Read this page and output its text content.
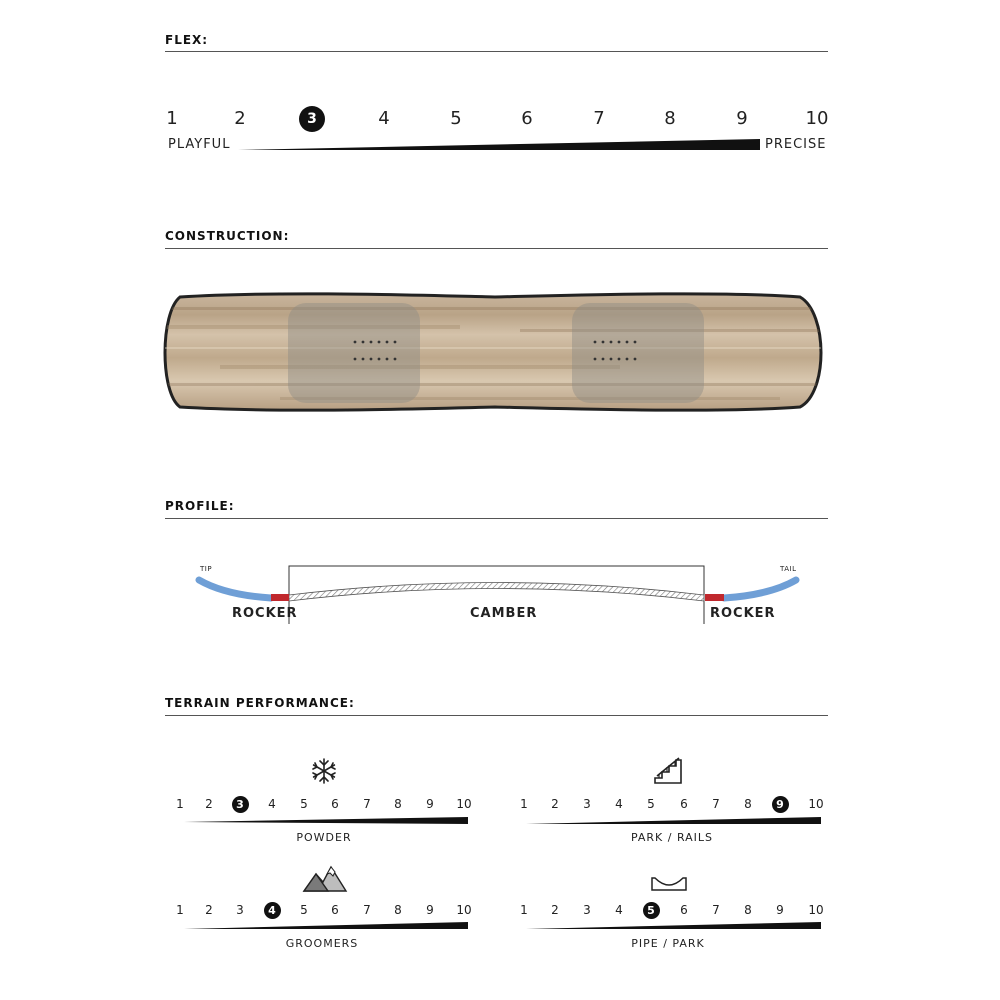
FLEX:
1	2	3	4	5	6	7	8	9	10
PLAYFUL	PRECISE
CONSTRUCTION:
PROFILE:
TIP	TAIL
ROCKER	CAMBER	ROCKER
TERRAIN PERFORMANCE:
1	2	3	4	5	6	7	8	9	10
POWDER
1	2	3	4	5	6	7	8	9	10
PARK / RAILS
1	2	3	4	5	6	7	8	9	10
GROOMERS
1	2	3	4	5	6	7	8	9	10
PIPE / PARK
